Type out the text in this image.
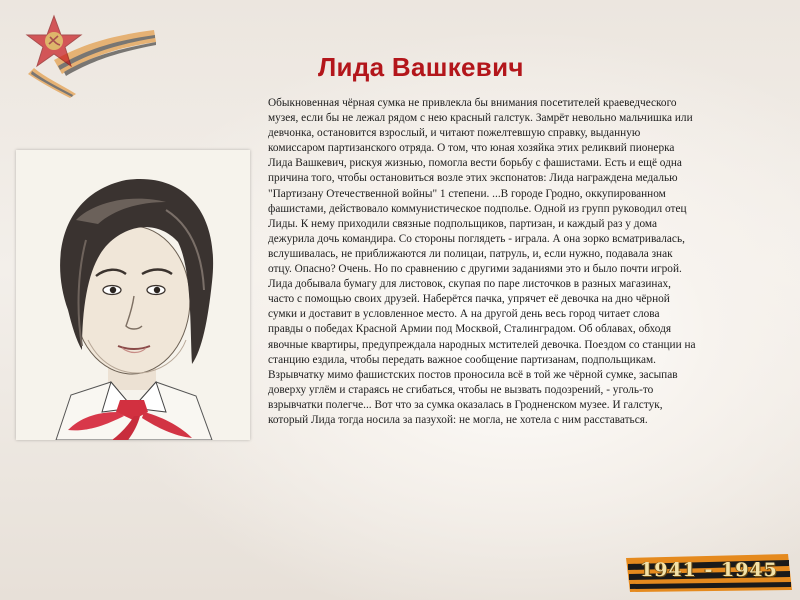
Лида Вашкевич
Обыкновенная чёрная сумка не привлекла бы внимания посетителей краеведческого
музея, если бы не лежал рядом с нею красный галстук. Замрёт невольно мальчишка или
девчонка, остановится взрослый, и читают пожелтевшую справку, выданную
комиссаром партизанского отряда. О том, что юная хозяйка этих реликвий пионерка
Лида Вашкевич, рискуя жизнью, помогла вести борьбу с фашистами. Есть и ещё одна
причина того, чтобы остановиться возле этих экспонатов: Лида награждена медалью
"Партизану Отечественной войны" 1 степени. ...В городе Гродно, оккупированном
фашистами, действовало коммунистическое подполье. Одной из групп руководил отец
Лиды. К нему приходили связные подпольщиков, партизан, и каждый раз у дома
дежурила дочь командира. Со стороны поглядеть - играла. А она зорко всматривалась,
вслушивалась, не приближаются ли полицаи, патруль, и, если нужно, подавала знак
отцу. Опасно? Очень. Но по сравнению с другими заданиями это и было почти игрой.
Лида добывала бумагу для листовок, скупая по паре листочков в разных магазинах,
часто с помощью своих друзей. Наберётся пачка, упрячет её девочка на дно чёрной
сумки и доставит в условленное место. А на другой день весь город читает слова
правды о победах Красной Армии под Москвой, Сталинградом. Об облавах, обходя
явочные квартиры, предупреждала народных мстителей девочка. Поездом со станции на
станцию ездила, чтобы передать важное сообщение партизанам, подпольщикам.
Взрывчатку мимо фашистских постов проносила всё в той же чёрной сумке, засыпав
доверху углём и стараясь не сгибаться, чтобы не вызвать подозрений, - уголь-то
взрывчатки полегче... Вот что за сумка оказалась в Гродненском музее. И галстук,
который Лида тогда носила за пазухой: не могла, не хотела с ним расставаться.
1941 - 1945
